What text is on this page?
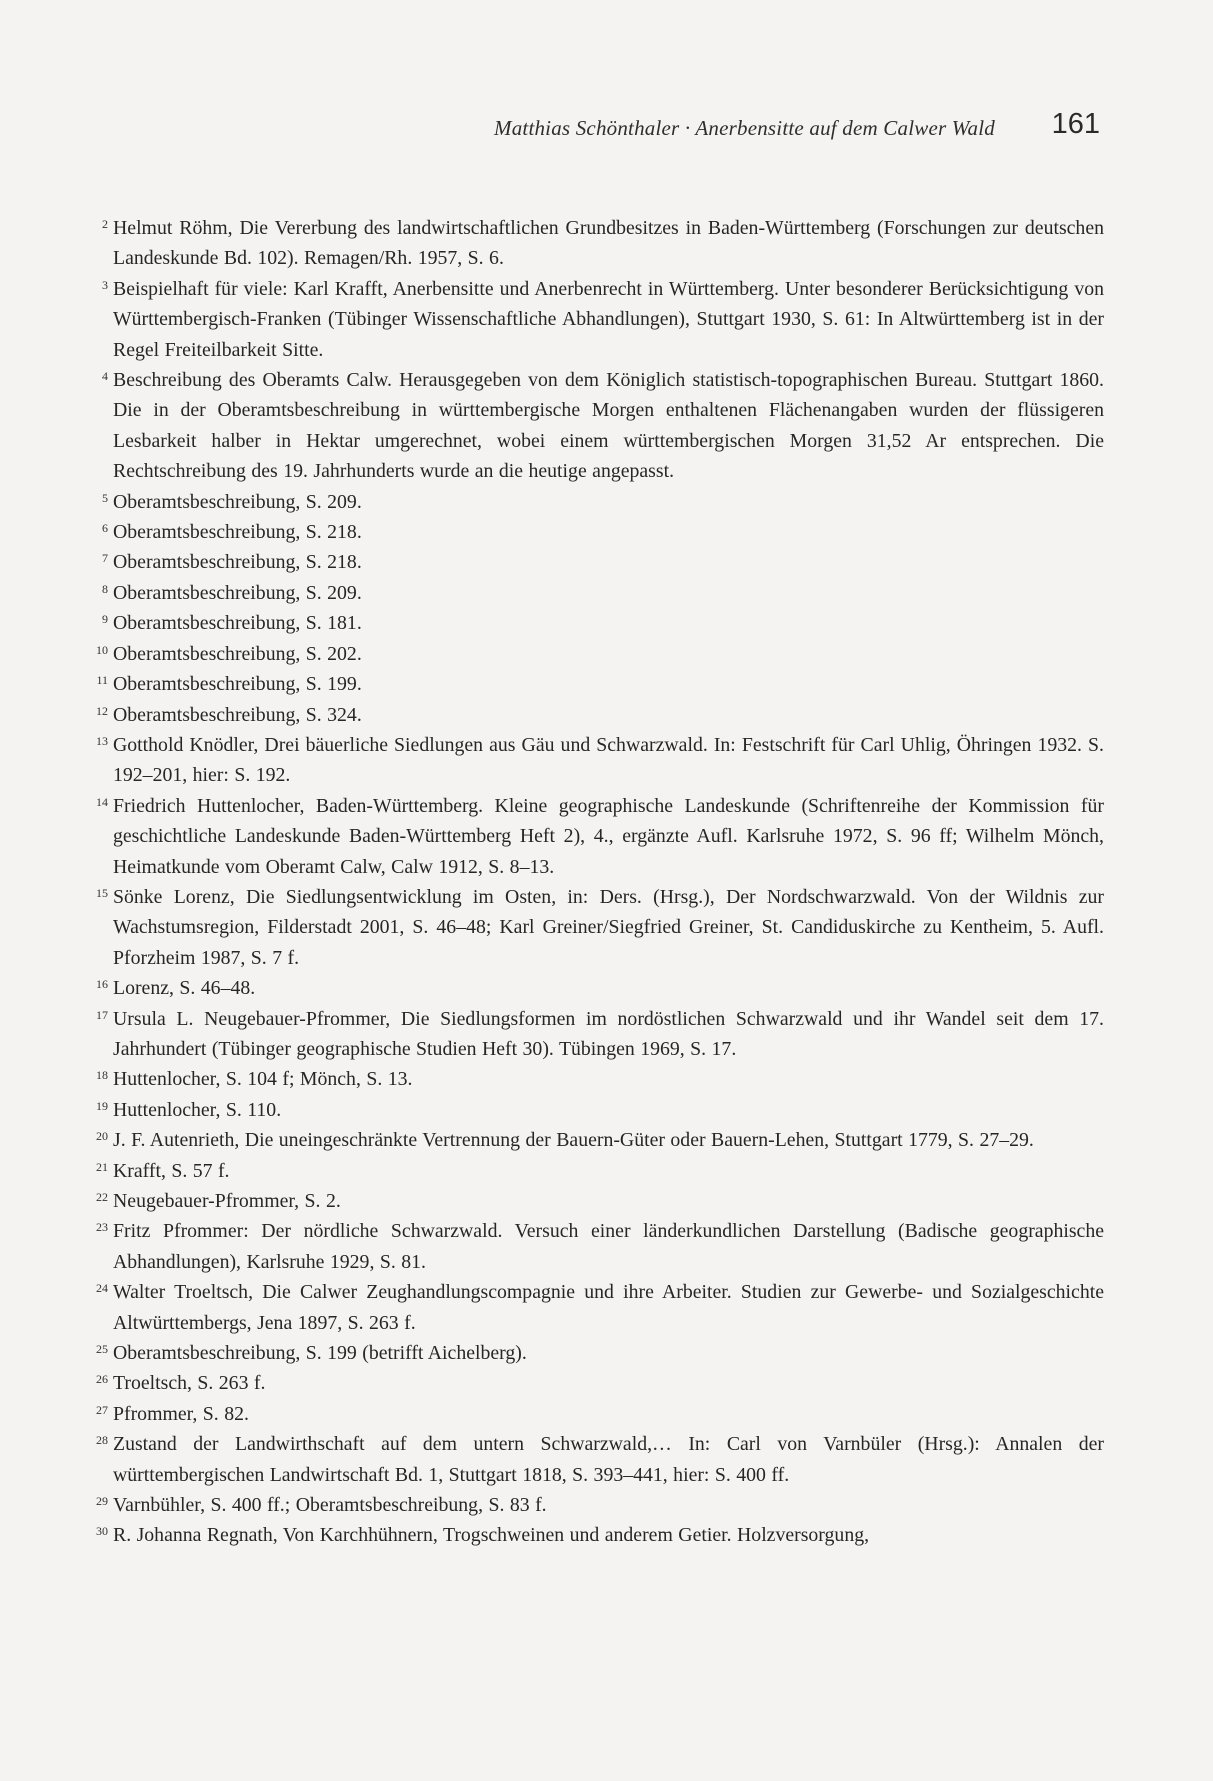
Matthias Schönthaler · Anerbensitte auf dem Calwer Wald 161
2 Helmut Röhm, Die Vererbung des landwirtschaftlichen Grundbesitzes in Baden-Württemberg (Forschungen zur deutschen Landeskunde Bd. 102). Remagen/Rh. 1957, S. 6.
3 Beispielhaft für viele: Karl Krafft, Anerbensitte und Anerbenrecht in Württemberg. Unter besonderer Berücksichtigung von Württembergisch-Franken (Tübinger Wissenschaftliche Abhandlungen), Stuttgart 1930, S. 61: In Altwürttemberg ist in der Regel Freiteilbarkeit Sitte.
4 Beschreibung des Oberamts Calw. Herausgegeben von dem Königlich statistisch-topographischen Bureau. Stuttgart 1860. Die in der Oberamtsbeschreibung in württembergische Morgen enthaltenen Flächenangaben wurden der flüssigeren Lesbarkeit halber in Hektar umgerechnet, wobei einem württembergischen Morgen 31,52 Ar entsprechen. Die Rechtschreibung des 19. Jahrhunderts wurde an die heutige angepasst.
5 Oberamtsbeschreibung, S. 209.
6 Oberamtsbeschreibung, S. 218.
7 Oberamtsbeschreibung, S. 218.
8 Oberamtsbeschreibung, S. 209.
9 Oberamtsbeschreibung, S. 181.
10 Oberamtsbeschreibung, S. 202.
11 Oberamtsbeschreibung, S. 199.
12 Oberamtsbeschreibung, S. 324.
13 Gotthold Knödler, Drei bäuerliche Siedlungen aus Gäu und Schwarzwald. In: Festschrift für Carl Uhlig, Öhringen 1932. S. 192–201, hier: S. 192.
14 Friedrich Huttenlocher, Baden-Württemberg. Kleine geographische Landeskunde (Schriftenreihe der Kommission für geschichtliche Landeskunde Baden-Württemberg Heft 2), 4., ergänzte Aufl. Karlsruhe 1972, S. 96 ff; Wilhelm Mönch, Heimatkunde vom Oberamt Calw, Calw 1912, S. 8–13.
15 Sönke Lorenz, Die Siedlungsentwicklung im Osten, in: Ders. (Hrsg.), Der Nordschwarzwald. Von der Wildnis zur Wachstumsregion, Filderstadt 2001, S. 46–48; Karl Greiner/Siegfried Greiner, St. Candiduskirche zu Kentheim, 5. Aufl. Pforzheim 1987, S. 7 f.
16 Lorenz, S. 46–48.
17 Ursula L. Neugebauer-Pfrommer, Die Siedlungsformen im nordöstlichen Schwarzwald und ihr Wandel seit dem 17. Jahrhundert (Tübinger geographische Studien Heft 30). Tübingen 1969, S. 17.
18 Huttenlocher, S. 104 f; Mönch, S. 13.
19 Huttenlocher, S. 110.
20 J. F. Autenrieth, Die uneingeschränkte Vertrennung der Bauern-Güter oder Bauern-Lehen, Stuttgart 1779, S. 27–29.
21 Krafft, S. 57 f.
22 Neugebauer-Pfrommer, S. 2.
23 Fritz Pfrommer: Der nördliche Schwarzwald. Versuch einer länderkundlichen Darstellung (Badische geographische Abhandlungen), Karlsruhe 1929, S. 81.
24 Walter Troeltsch, Die Calwer Zeughandlungscompagnie und ihre Arbeiter. Studien zur Gewerbe- und Sozialgeschichte Altwürttembergs, Jena 1897, S. 263 f.
25 Oberamtsbeschreibung, S. 199 (betrifft Aichelberg).
26 Troeltsch, S. 263 f.
27 Pfrommer, S. 82.
28 Zustand der Landwirthschaft auf dem untern Schwarzwald,… In: Carl von Varnbüler (Hrsg.): Annalen der württembergischen Landwirtschaft Bd. 1, Stuttgart 1818, S. 393–441, hier: S. 400 ff.
29 Varnbühler, S. 400 ff.; Oberamtsbeschreibung, S. 83 f.
30 R. Johanna Regnath, Von Karchhühnern, Trogschweinen und anderem Getier. Holzversorgung,
